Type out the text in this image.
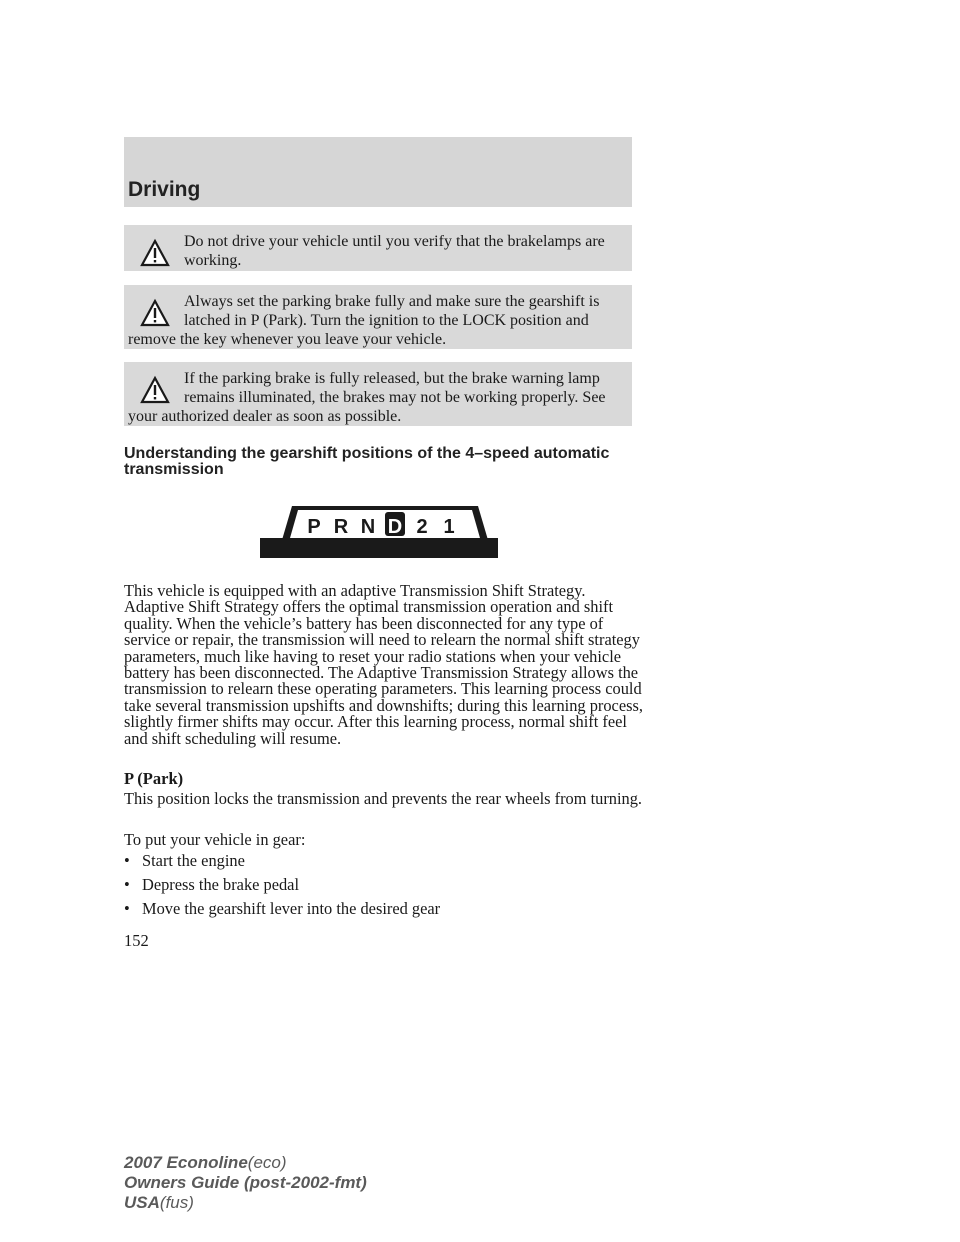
Driving
Do not drive your vehicle until you verify that the brakelamps are working.
Always set the parking brake fully and make sure the gearshift is latched in P (Park). Turn the ignition to the LOCK position and remove the key whenever you leave your vehicle.
If the parking brake is fully released, but the brake warning lamp remains illuminated, the brakes may not be working properly. See your authorized dealer as soon as possible.
Understanding the gearshift positions of the 4–speed automatic transmission
P R N D 2 1
This vehicle is equipped with an adaptive Transmission Shift Strategy. Adaptive Shift Strategy offers the optimal transmission operation and shift quality. When the vehicle’s battery has been disconnected for any type of service or repair, the transmission will need to relearn the normal shift strategy parameters, much like having to reset your radio stations when your vehicle battery has been disconnected. The Adaptive Transmission Strategy allows the transmission to relearn these operating parameters. This learning process could take several transmission upshifts and downshifts; during this learning process, slightly firmer shifts may occur. After this learning process, normal shift feel and shift scheduling will resume.
P (Park)
This position locks the transmission and prevents the rear wheels from turning.
To put your vehicle in gear:
• Start the engine
• Depress the brake pedal
• Move the gearshift lever into the desired gear
152
2007 Econoline(eco)
Owners Guide (post-2002-fmt)
USA(fus)
